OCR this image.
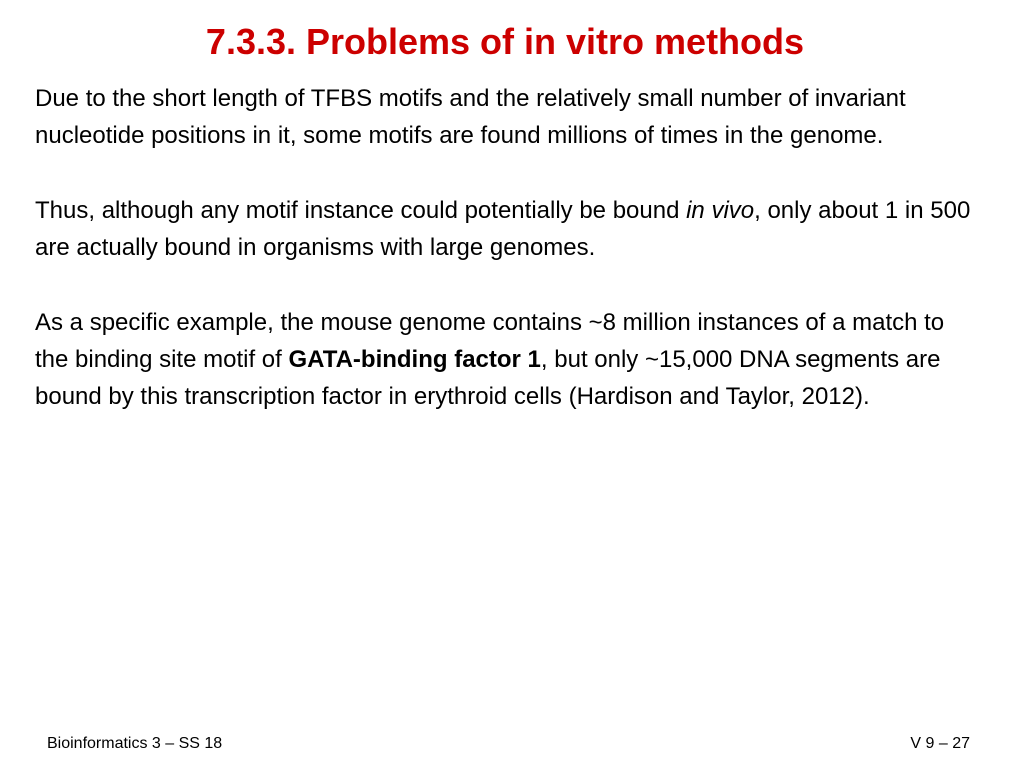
7.3.3. Problems of in vitro methods

Due to the short length of TFBS motifs and the relatively small number of invariant nucleotide positions in it, some motifs are found millions of times in the genome.

Thus, although any motif instance could potentially be bound in vivo, only about 1 in 500 are actually bound in organisms with large genomes.

As a specific example, the mouse genome contains ~8 million instances of a match to the binding site motif of GATA-binding factor 1, but only ~15,000 DNA segments are bound by this transcription factor in erythroid cells (Hardison and Taylor, 2012).

Bioinformatics 3 – SS 18	V 9 – 27
